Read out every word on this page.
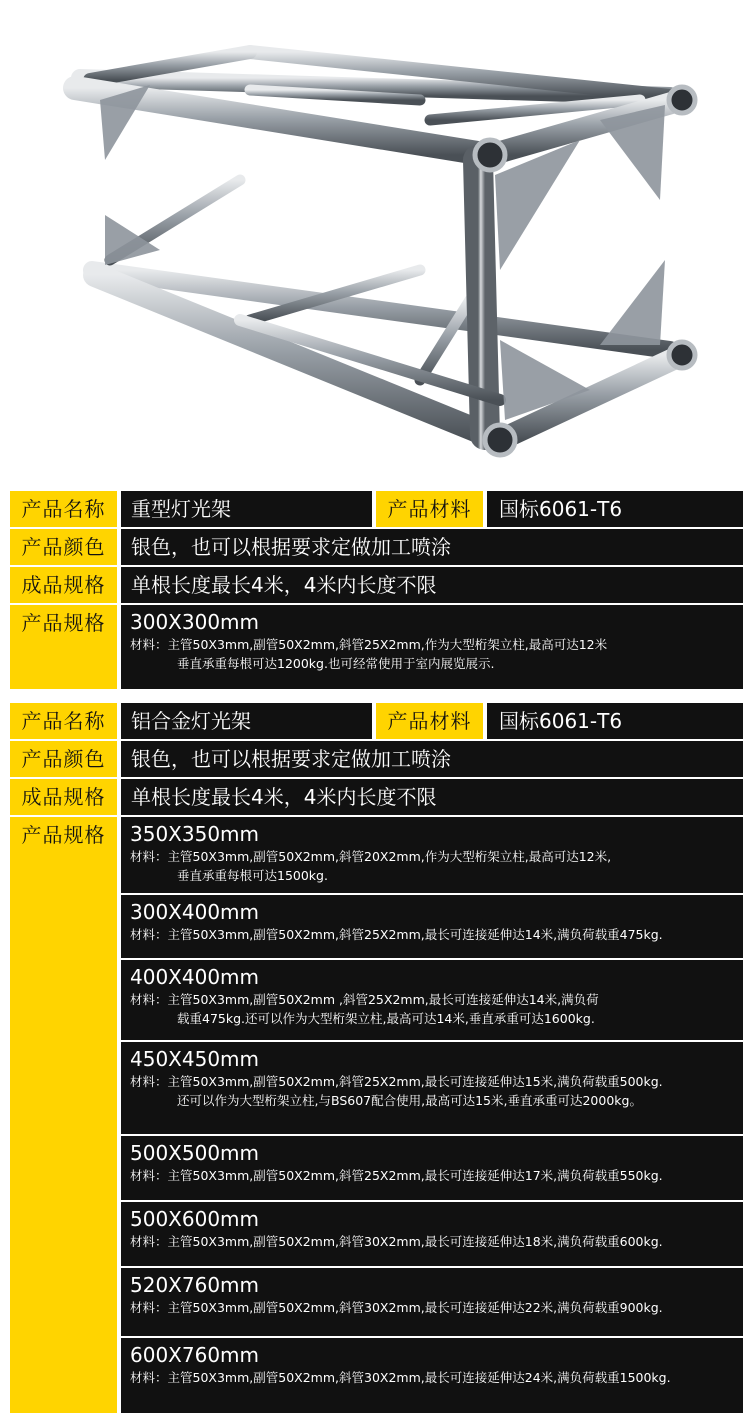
产品名称	重型灯光架	产品材料	国标6061-T6
产品颜色	银色，也可以根据要求定做加工喷涂
成品规格	单根长度最长4米，4米内长度不限
产品规格	300X300mm
材料：主管50X3mm,副管50X2mm,斜管25X2mm,作为大型桁架立柱,最高可达12米
垂直承重每根可达1200kg.也可经常使用于室内展览展示.
产品名称	铝合金灯光架	产品材料	国标6061-T6
产品颜色	银色，也可以根据要求定做加工喷涂
成品规格	单根长度最长4米，4米内长度不限
产品规格	350X350mm
材料：主管50X3mm,副管50X2mm,斜管20X2mm,作为大型桁架立柱,最高可达12米,
垂直承重每根可达1500kg.
300X400mm
材料：主管50X3mm,副管50X2mm,斜管25X2mm,最长可连接延伸达14米,满负荷载重475kg.
400X400mm
材料：主管50X3mm,副管50X2mm ,斜管25X2mm,最长可连接延伸达14米,满负荷
载重475kg.还可以作为大型桁架立柱,最高可达14米,垂直承重可达1600kg.
450X450mm
材料：主管50X3mm,副管50X2mm,斜管25X2mm,最长可连接延伸达15米,满负荷载重500kg.
还可以作为大型桁架立柱,与BS607配合使用,最高可达15米,垂直承重可达2000kg。
500X500mm
材料：主管50X3mm,副管50X2mm,斜管25X2mm,最长可连接延伸达17米,满负荷载重550kg.
500X600mm
材料：主管50X3mm,副管50X2mm,斜管30X2mm,最长可连接延伸达18米,满负荷载重600kg.
520X760mm
材料：主管50X3mm,副管50X2mm,斜管30X2mm,最长可连接延伸达22米,满负荷载重900kg.
600X760mm
材料：主管50X3mm,副管50X2mm,斜管30X2mm,最长可连接延伸达24米,满负荷载重1500kg.
